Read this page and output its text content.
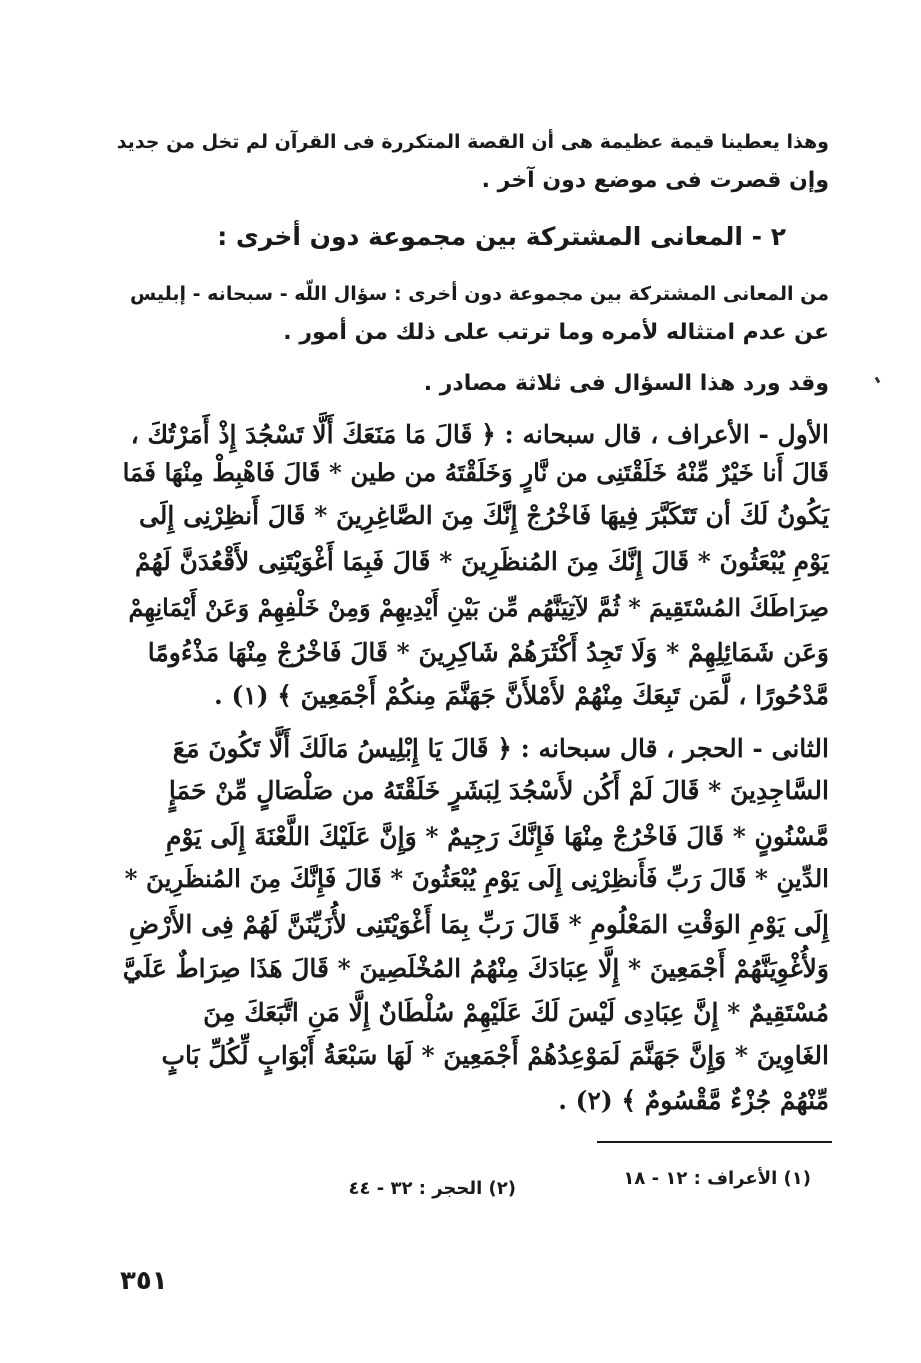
وهذا يعطينا قيمة عظيمة هى أن القصة المتكررة فى القرآن لم تخل من جديد
وإن قصرت فى موضع دون آخر .
٢ - المعانى المشتركة بين مجموعة دون أخرى :
من المعانى المشتركة بين مجموعة دون أخرى : سؤال اللّه - سبحانه - إبليس
عن عدم امتثاله لأمره وما ترتب على ذلك من أمور .
وقد ورد هذا السؤال فى ثلاثة مصادر .
الأول - الأعراف ، قال سبحانه : ﴿ قَالَ مَا مَنَعَكَ أَلَّا تَسْجُدَ إِذْ أَمَرْتُكَ ،
قَالَ أَنا خَيْرٌ مِّنْهُ خَلَقْتَنِى من نَّارٍ وَخَلَقْتَهُ من طين * قَالَ فَاهْبِطْ مِنْهَا فَمَا
يَكُونُ لَكَ أن تَتَكَبَّرَ فِيهَا فَاخْرُجْ إِنَّكَ مِنَ الصَّاغِرِينَ * قَالَ أَنظِرْنِى إِلَى
يَوْمِ يُبْعَثُونَ * قَالَ إِنَّكَ مِنَ المُنظَرِينَ * قَالَ فَبِمَا أَغْوَيْتَنِى لأَقْعُدَنَّ لَهُمْ
صِرَاطَكَ المُسْتَقِيمَ * ثُمَّ لآتِيَنَّهُم مِّن بَيْنِ أَيْدِيهِمْ وَمِنْ خَلْفِهِمْ وَعَنْ أَيْمَانِهِمْ
وَعَن شَمَائِلِهِمْ * وَلَا تَجِدُ أَكْثَرَهُمْ شَاكِرِينَ * قَالَ فَاخْرُجْ مِنْهَا مَذْءُومًا
مَّدْحُورًا ، لَّمَن تَبِعَكَ مِنْهُمْ لأَمْلأَنَّ جَهَنَّمَ مِنكُمْ أَجْمَعِينَ ﴾ (١) .
الثانى - الحجر ، قال سبحانه : ﴿ قَالَ يَا إِبْلِيسُ مَالَكَ أَلَّا تَكُونَ مَعَ
السَّاجِدِينَ * قَالَ لَمْ أَكُن لأَسْجُدَ لِبَشَرٍ خَلَقْتَهُ من صَلْصَالٍ مِّنْ حَمَإٍ
مَّسْنُونٍ * قَالَ فَاخْرُجْ مِنْهَا فَإِنَّكَ رَجِيمٌ * وَإِنَّ عَلَيْكَ اللَّعْنَةَ إِلَى يَوْمِ
الدِّينِ * قَالَ رَبِّ فَأَنظِرْنِى إِلَى يَوْمِ يُبْعَثُونَ * قَالَ فَإِنَّكَ مِنَ المُنظَرِينَ *
إِلَى يَوْمِ الوَقْتِ المَعْلُومِ * قَالَ رَبِّ بِمَا أَغْوَيْتَنِى لأُزَيِّنَنَّ لَهُمْ فِى الأَرْضِ
وَلأُغْوِيَنَّهُمْ أَجْمَعِينَ * إِلَّا عِبَادَكَ مِنْهُمُ المُخْلَصِينَ * قَالَ هَذَا صِرَاطٌ عَلَيَّ
مُسْتَقِيمٌ * إِنَّ عِبَادِى لَيْسَ لَكَ عَلَيْهِمْ سُلْطَانٌ إِلَّا مَنِ اتَّبَعَكَ مِنَ
الغَاوِينَ * وَإِنَّ جَهَنَّمَ لَمَوْعِدُهُمْ أَجْمَعِينَ * لَهَا سَبْعَةُ أَبْوَابٍ لِّكُلِّ بَابٍ
مِّنْهُمْ جُزْءٌ مَّقْسُومٌ ﴾ (٢) .
(١) الأعراف : ١٢ - ١٨
(٢) الحجر : ٣٢ - ٤٤
٣٥١
